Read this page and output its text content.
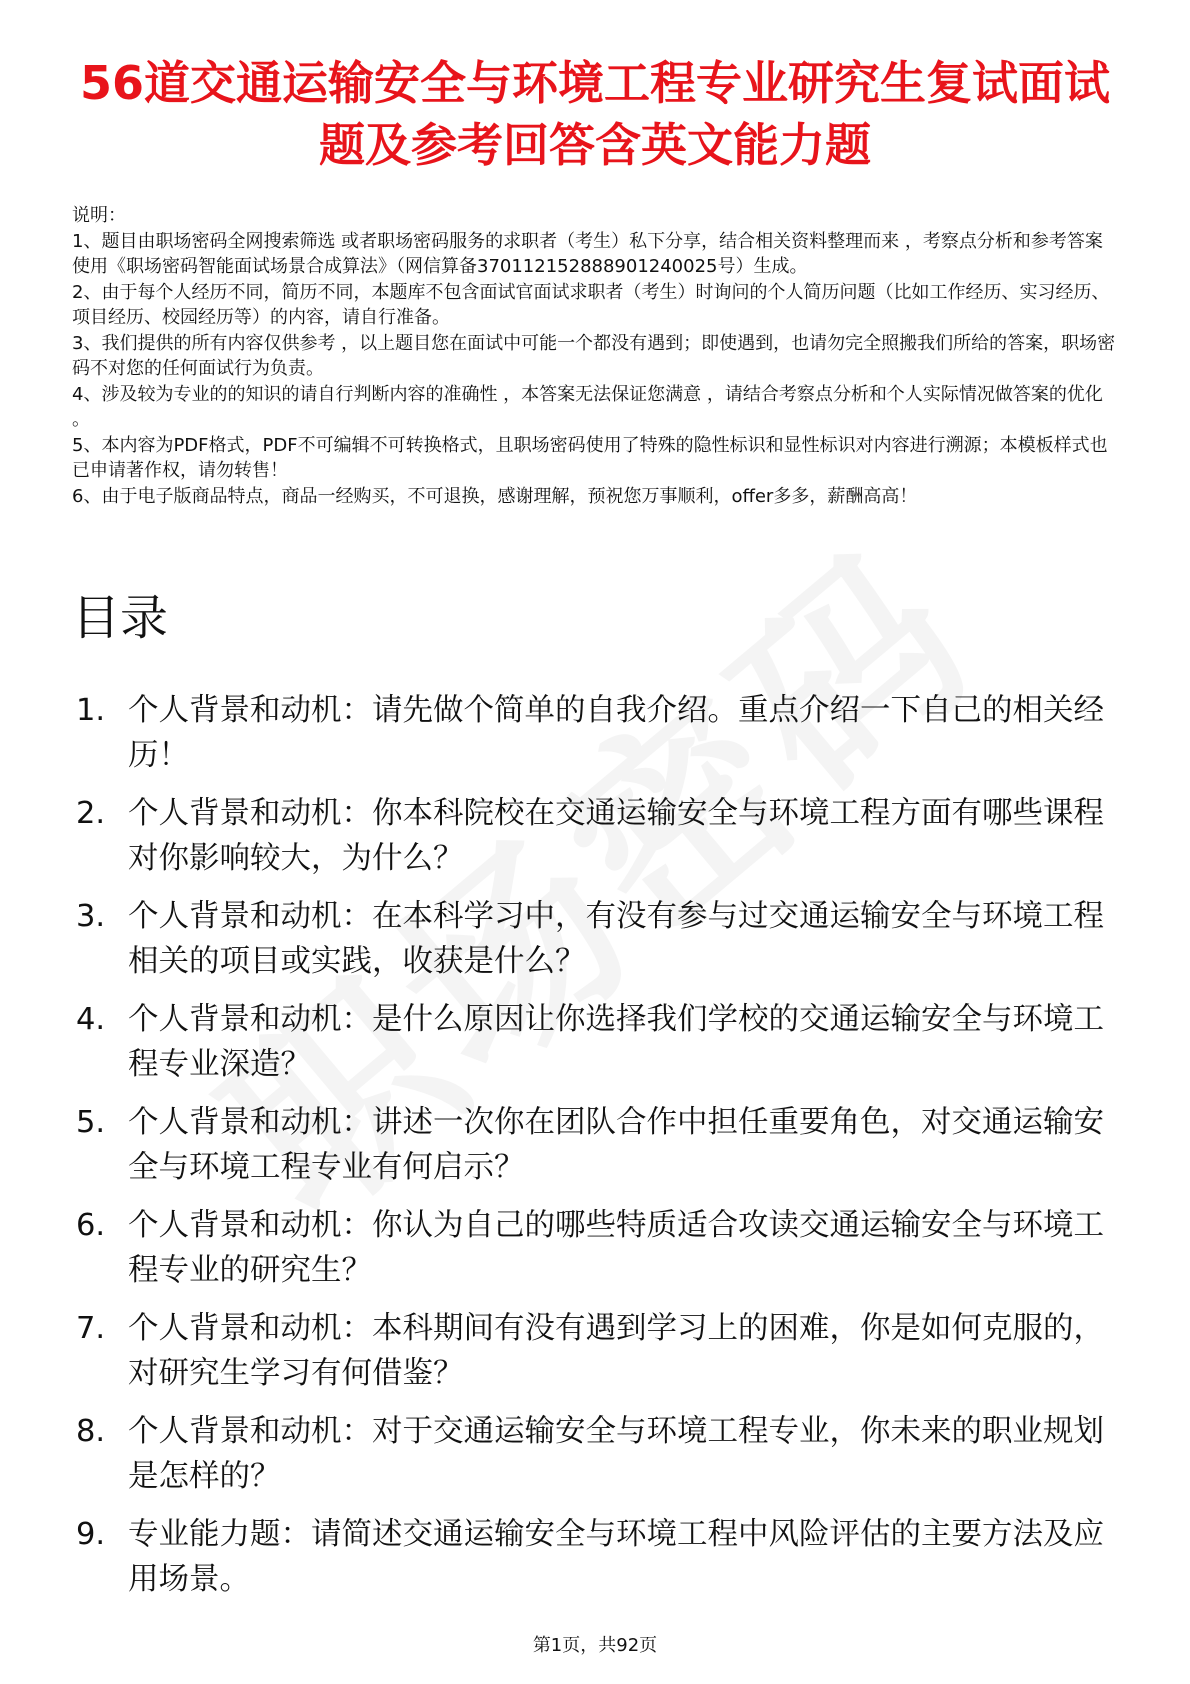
56道交通运输安全与环境工程专业研究生复试面试题及参考回答含英文能力题

说明：

1、题目由职场密码全网搜索筛选 或者职场密码服务的求职者（考生）私下分享，结合相关资料整理而来 ，考察点分析和参考答案使用《职场密码智能面试场景合成算法》（网信算备370112152888901240025号）生成。

2、由于每个人经历不同，简历不同，本题库不包含面试官面试求职者（考生）时询问的个人简历问题（比如工作经历、实习经历、项目经历、校园经历等）的内容，请自行准备。

3、我们提供的所有内容仅供参考 ，以上题目您在面试中可能一个都没有遇到；即使遇到，也请勿完全照搬我们所给的答案，职场密码不对您的任何面试行为负责。

4、涉及较为专业的的知识的请自行判断内容的准确性 ，本答案无法保证您满意 ，请结合考察点分析和个人实际情况做答案的优化 。

5、本内容为PDF格式，PDF不可编辑不可转换格式，且职场密码使用了特殊的隐性标识和显性标识对内容进行溯源；本模板样式也已申请著作权，请勿转售！

6、由于电子版商品特点，商品一经购买，不可退换，感谢理解，预祝您万事顺利，offer多多，薪酬高高！

目录
1. 个人背景和动机：请先做个简单的自我介绍。重点介绍一下自己的相关经历！
2. 个人背景和动机：你本科院校在交通运输安全与环境工程方面有哪些课程对你影响较大，为什么？
3. 个人背景和动机：在本科学习中，有没有参与过交通运输安全与环境工程相关的项目或实践，收获是什么？
4. 个人背景和动机：是什么原因让你选择我们学校的交通运输安全与环境工程专业深造？
5. 个人背景和动机：讲述一次你在团队合作中担任重要角色，对交通运输安全与环境工程专业有何启示？
6. 个人背景和动机：你认为自己的哪些特质适合攻读交通运输安全与环境工程专业的研究生？
7. 个人背景和动机：本科期间有没有遇到学习上的困难，你是如何克服的，对研究生学习有何借鉴？
8. 个人背景和动机：对于交通运输安全与环境工程专业，你未来的职业规划是怎样的？
9. 专业能力题：请简述交通运输安全与环境工程中风险评估的主要方法及应用场景。
第1页，共92页
